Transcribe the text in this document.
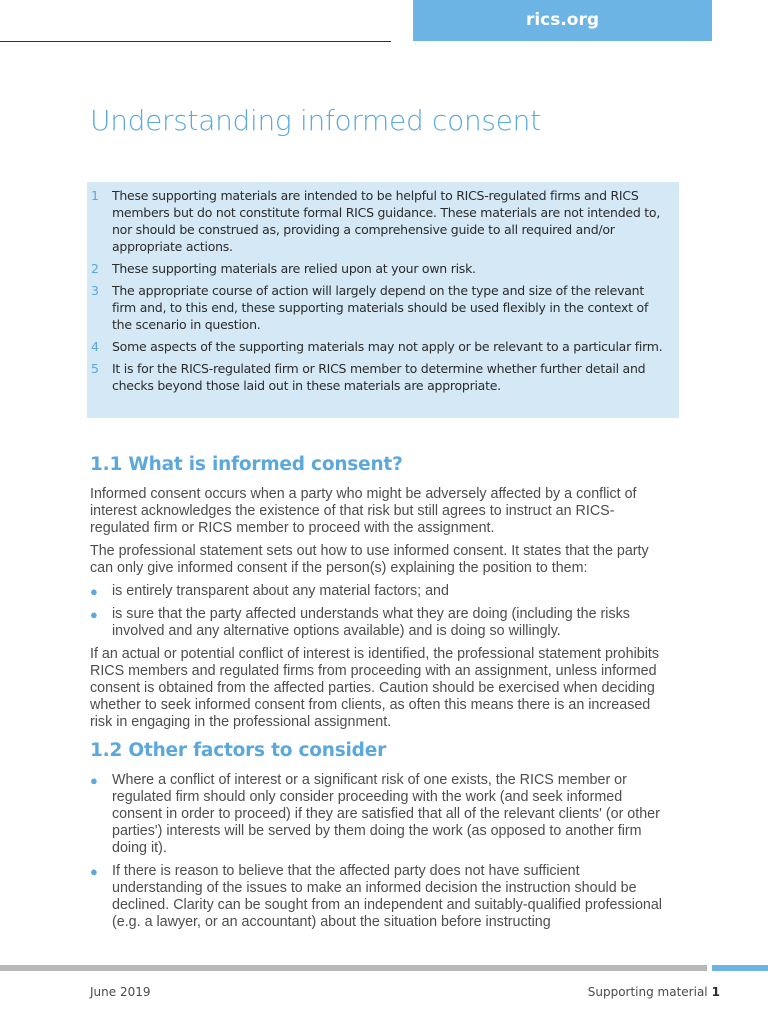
rics.org
Understanding informed consent
1	These supporting materials are intended to be helpful to RICS-regulated firms and RICS members but do not constitute formal RICS guidance. These materials are not intended to, nor should be construed as, providing a comprehensive guide to all required and/or appropriate actions.
2	These supporting materials are relied upon at your own risk.
3	The appropriate course of action will largely depend on the type and size of the relevant firm and, to this end, these supporting materials should be used flexibly in the context of the scenario in question.
4	Some aspects of the supporting materials may not apply or be relevant to a particular firm.
5	It is for the RICS-regulated firm or RICS member to determine whether further detail and checks beyond those laid out in these materials are appropriate.
1.1 What is informed consent?

Informed consent occurs when a party who might be adversely affected by a conflict of interest acknowledges the existence of that risk but still agrees to instruct an RICS-regulated firm or RICS member to proceed with the assignment.

The professional statement sets out how to use informed consent. It states that the party can only give informed consent if the person(s) explaining the position to them:

● is entirely transparent about any material factors; and
● is sure that the party affected understands what they are doing (including the risks involved and any alternative options available) and is doing so willingly.

If an actual or potential conflict of interest is identified, the professional statement prohibits RICS members and regulated firms from proceeding with an assignment, unless informed consent is obtained from the affected parties. Caution should be exercised when deciding whether to seek informed consent from clients, as often this means there is an increased risk in engaging in the professional assignment.

1.2 Other factors to consider
● Where a conflict of interest or a significant risk of one exists, the RICS member or regulated firm should only consider proceeding with the work (and seek informed consent in order to proceed) if they are satisfied that all of the relevant clients' (or other parties') interests will be served by them doing the work (as opposed to another firm doing it).
● If there is reason to believe that the affected party does not have sufficient understanding of the issues to make an informed decision the instruction should be declined. Clarity can be sought from an independent and suitably-qualified professional (e.g. a lawyer, or an accountant) about the situation before instructing
June 2019	Supporting material 1
